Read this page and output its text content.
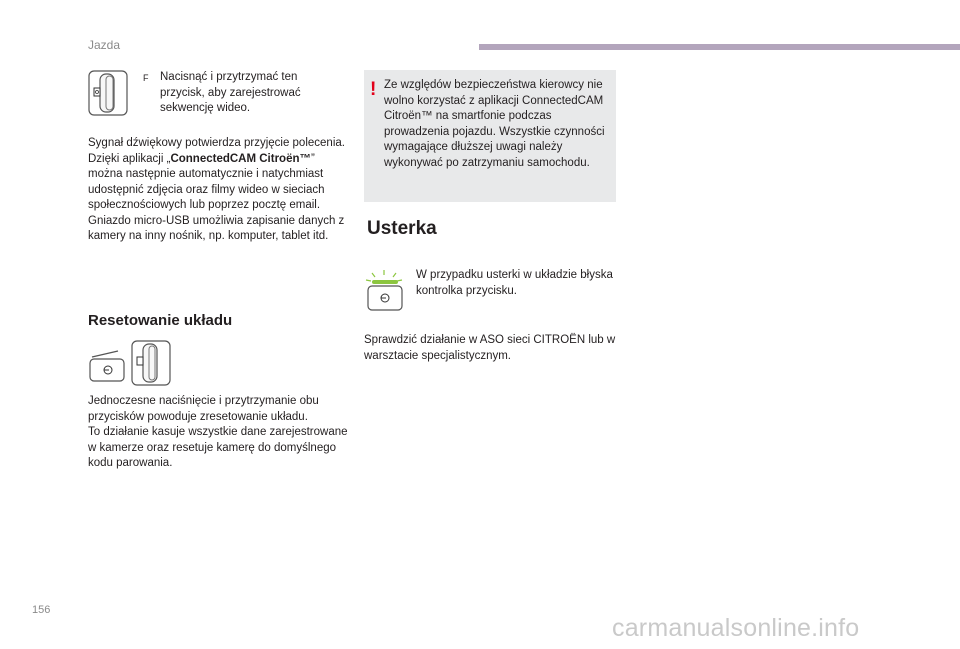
Jazda
F	Nacisnąć i przytrzymać ten przycisk, aby zarejestrować sekwencję wideo.

Sygnał dźwiękowy potwierdza przyjęcie polecenia.

Dzięki aplikacji „ConnectedCAM Citroën™” można następnie automatycznie i natychmiast udostępnić zdjęcia oraz filmy wideo w sieciach społecznościowych lub poprzez pocztę email.

Gniazdo micro-USB umożliwia zapisanie danych z kamery na inny nośnik, np. komputer, tablet itd.

Resetowanie układu

Jednoczesne naciśnięcie i przytrzymanie obu przycisków powoduje zresetowanie układu.

To działanie kasuje wszystkie dane zarejestrowane w kamerze oraz resetuje kamerę do domyślnego kodu parowania.

! Ze względów bezpieczeństwa kierowcy nie wolno korzystać z aplikacji ConnectedCAM Citroën™ na smartfonie podczas prowadzenia pojazdu. Wszystkie czynności wymagające dłuższej uwagi należy wykonywać po zatrzymaniu samochodu.
Usterka
W przypadku usterki w układzie błyska kontrolka przycisku.
Sprawdzić działanie w ASO sieci CITROËN lub w warsztacie specjalistycznym.
156
carmanualsonline.info
